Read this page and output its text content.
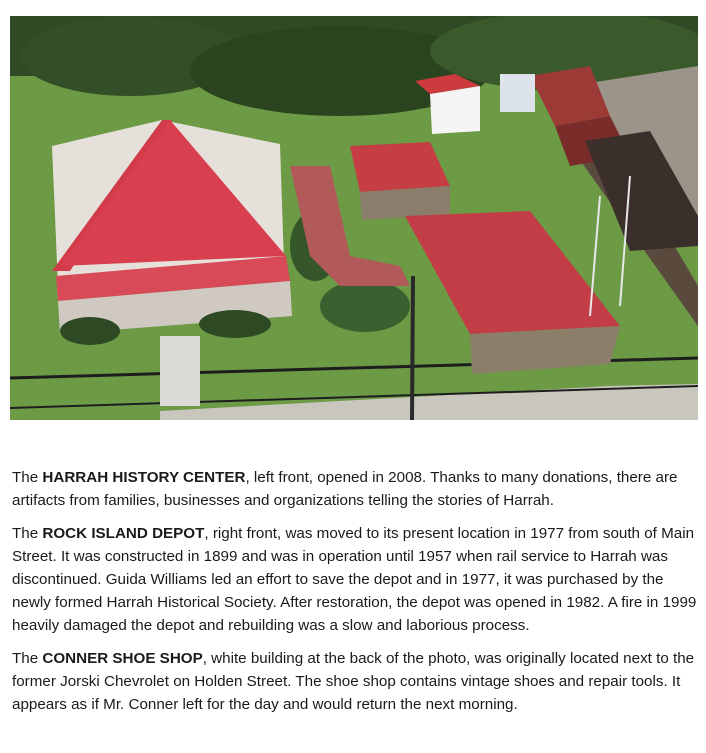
The HARRAH HISTORY CENTER, left front, opened in 2008. Thanks to many donations, there are artifacts from families, businesses and organizations telling the stories of Harrah.

The ROCK ISLAND DEPOT, right front, was moved to its present location in 1977 from south of Main Street. It was constructed in 1899 and was in operation until 1957 when rail service to Harrah was discontinued. Guida Williams led an effort to save the depot and in 1977, it was purchased by the newly formed Harrah Historical Society. After restoration, the depot was opened in 1982. A fire in 1999 heavily damaged the depot and rebuilding was a slow and laborious process.

The CONNER SHOE SHOP, white building at the back of the photo, was originally located next to the former Jorski Chevrolet on Holden Street. The shoe shop contains vintage shoes and repair tools. It appears as if Mr. Conner left for the day and would return the next morning.
